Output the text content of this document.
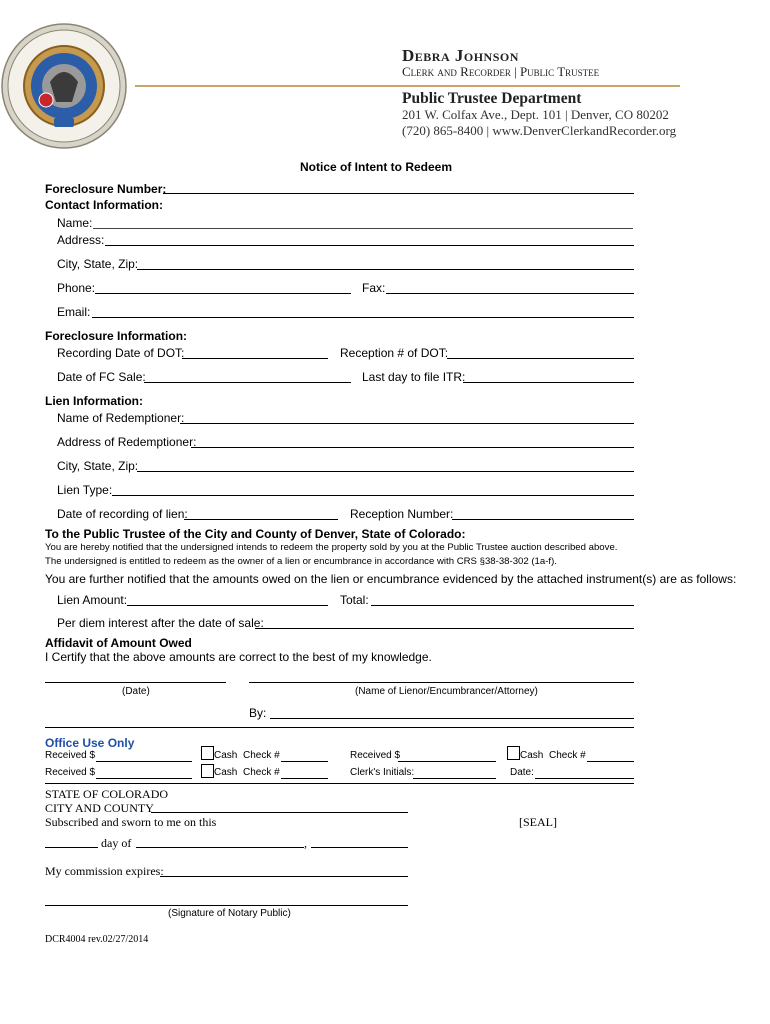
Debra Johnson
Clerk and Recorder | Public Trustee
Public Trustee Department
201 W. Colfax Ave., Dept. 101 | Denver, CO 80202
(720) 865-8400 | www.DenverClerkandRecorder.org
Notice of Intent to Redeem
Foreclosure Number:
Contact Information:
Name:
Address:
City, State, Zip:
Phone:	Fax:
Email:
Foreclosure Information:
Recording Date of DOT:	Reception # of DOT:
Date of FC Sale:	Last day to file ITR:
Lien Information:
Name of Redemptioner:
Address of Redemptioner:
City, State, Zip:
Lien Type:
Date of recording of lien:	Reception Number:
To the Public Trustee of the City and County of Denver, State of Colorado:
You are hereby notified that the undersigned intends to redeem the property sold by you at the Public Trustee auction described above.
The undersigned is entitled to redeem as the owner of a lien or encumbrance in accordance with CRS §38-38-302 (1a-f).
You are further notified that the amounts owed on the lien or encumbrance evidenced by the attached instrument(s) are as follows:
Lien Amount:	Total:
Per diem interest after the date of sale:
Affidavit of Amount Owed
I Certify that the above amounts are correct to the best of my knowledge.
(Date)	(Name of Lienor/Encumbrancer/Attorney)
By:
Office Use Only
Received $	Cash Check #	Received $	Cash Check #
Received $	Cash Check #	Clerk's Initials:	Date:
STATE OF COLORADO
CITY AND COUNTY
Subscribed and sworn to me on this	[SEAL]
day of	,
My commission expires:
(Signature of Notary Public)
DCR4004 rev.02/27/2014
